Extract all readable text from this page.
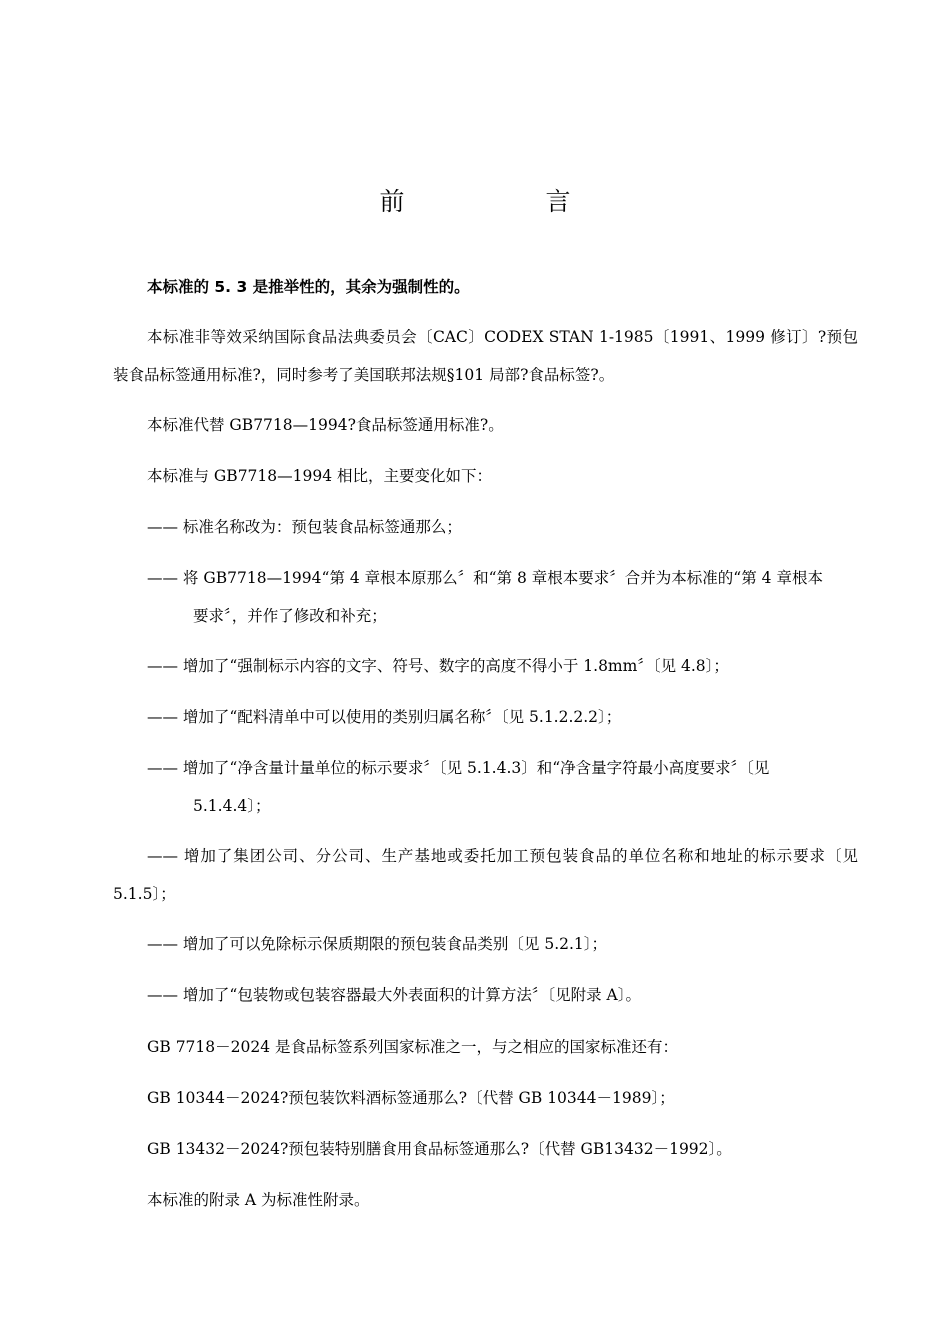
前　言
本标准的 5. 3 是推举性的，其余为强制性的。
本标准非等效采纳国际食品法典委员会〔CAC〕CODEX STAN 1-1985〔1991、1999 修订〕?预包装食品标签通用标准?，同时参考了美国联邦法规§101 局部?食品标签?。
本标准代替 GB7718—1994?食品标签通用标准?。
本标准与 GB7718—1994 相比，主要变化如下：
—— 标准名称改为：预包装食品标签通那么；
—— 将 GB7718—1994“第 4 章根本原那么〞和“第 8 章根本要求〞合并为本标准的“第 4 章根本
要求〞，并作了修改和补充；
—— 增加了“强制标示内容的文字、符号、数字的高度不得小于 1.8mm〞〔见 4.8〕；
—— 增加了“配料清单中可以使用的类别归属名称〞〔见 5.1.2.2.2〕；
—— 增加了“净含量计量单位的标示要求〞〔见 5.1.4.3〕和“净含量字符最小高度要求〞〔见
5.1.4.4〕；
—— 增加了集团公司、分公司、生产基地或委托加工预包装食品的单位名称和地址的标示要求〔见 5.1.5〕；
—— 增加了可以免除标示保质期限的预包装食品类别〔见 5.2.1〕；
—— 增加了“包装物或包装容器最大外表面积的计算方法〞〔见附录 A〕。
GB 7718－2024 是食品标签系列国家标准之一，与之相应的国家标准还有：
GB 10344－2024?预包装饮料酒标签通那么?〔代替 GB 10344－1989〕；
GB 13432－2024?预包装特别膳食用食品标签通那么?〔代替 GB13432－1992〕。
本标准的附录 A 为标准性附录。
